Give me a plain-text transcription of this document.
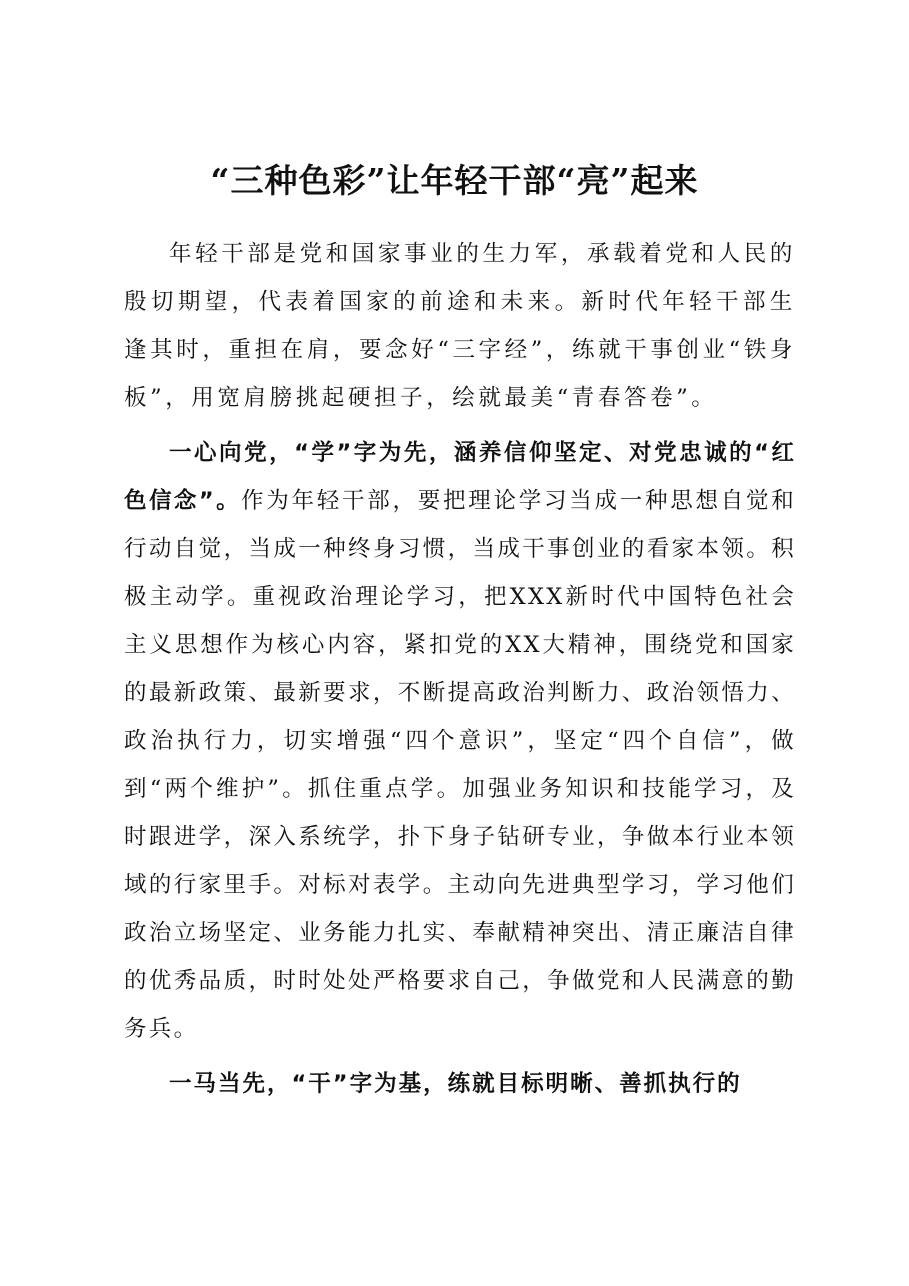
“三种色彩”让年轻干部“亮”起来

年轻干部是党和国家事业的生力军，承载着党和人民的殷切期望，代表着国家的前途和未来。新时代年轻干部生逢其时，重担在肩，要念好“三字经”，练就干事创业“铁身板”，用宽肩膀挑起硬担子，绘就最美“青春答卷”。

一心向党，“学”字为先，涵养信仰坚定、对党忠诚的“红色信念”。作为年轻干部，要把理论学习当成一种思想自觉和行动自觉，当成一种终身习惯，当成干事创业的看家本领。积极主动学。重视政治理论学习，把XXX新时代中国特色社会主义思想作为核心内容，紧扣党的XX大精神，围绕党和国家的最新政策、最新要求，不断提高政治判断力、政治领悟力、政治执行力，切实增强“四个意识”，坚定“四个自信”，做到“两个维护”。抓住重点学。加强业务知识和技能学习，及时跟进学，深入系统学，扑下身子钻研专业，争做本行业本领域的行家里手。对标对表学。主动向先进典型学习，学习他们政治立场坚定、业务能力扎实、奉献精神突出、清正廉洁自律的优秀品质，时时处处严格要求自己，争做党和人民满意的勤务兵。

一马当先，“干”字为基，练就目标明晰、善抓执行的
